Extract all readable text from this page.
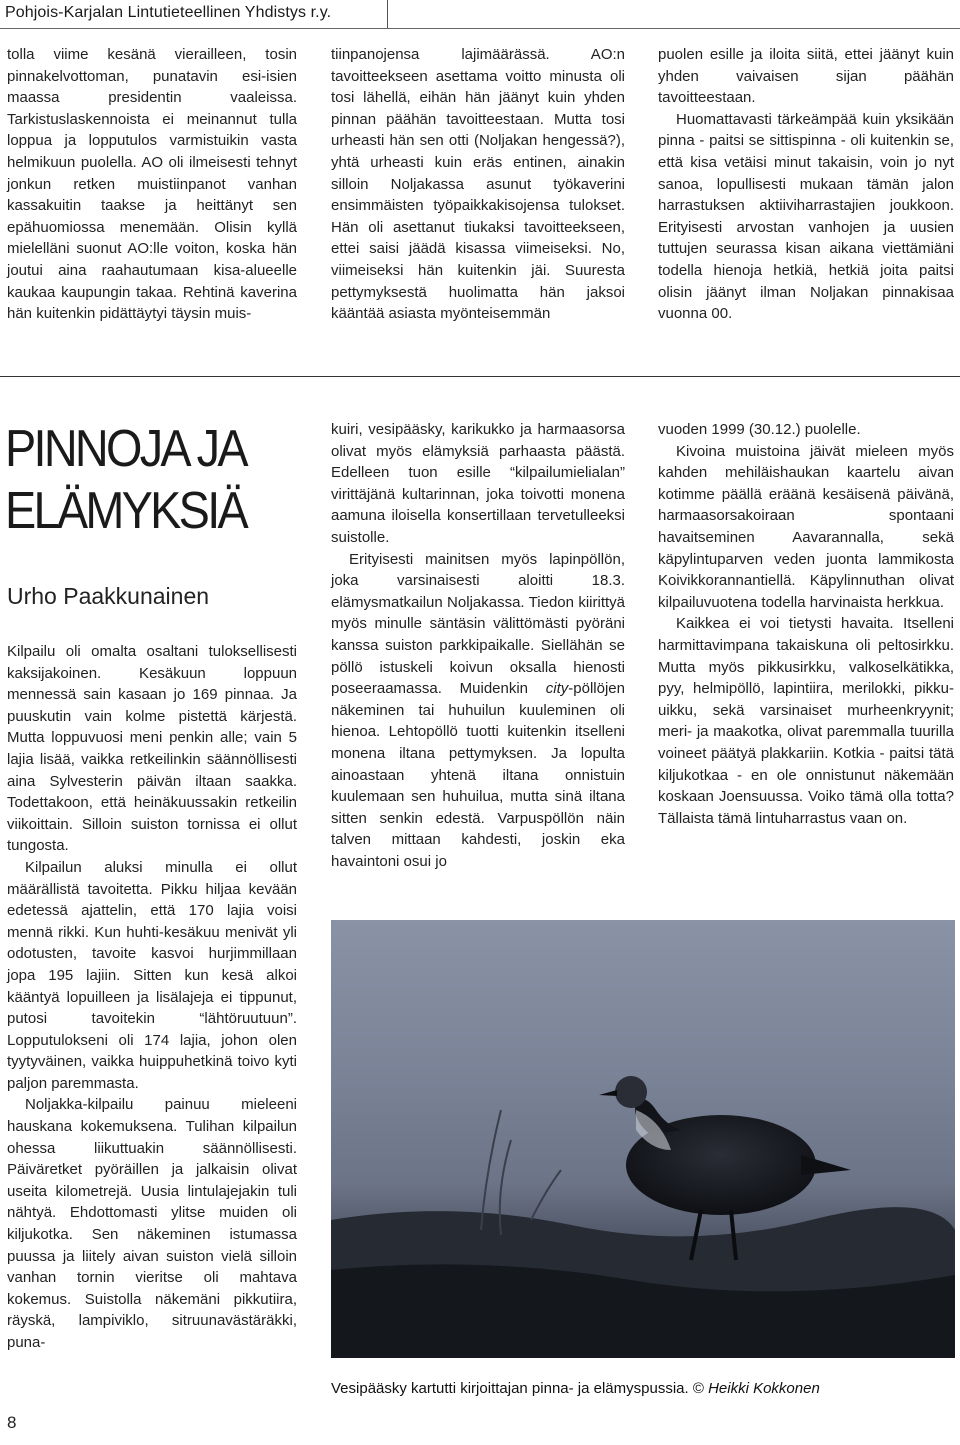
Pohjois-Karjalan Lintutieteellinen Yhdistys r.y.

tolla viime kesänä vierailleen, tosin pinnakelvottoman, punatavin esi-isien maassa presidentin vaaleissa. Tarkistuslaskennoista ei meinannut tulla loppua ja lopputulos varmistuikin vasta helmikuun puolella. AO oli ilmeisesti tehnyt jonkun retken muistiinpanot vanhan kassakuitin taakse ja heittänyt sen epähuomiossa menemään. Olisin kyllä mielelläni suonut AO:lle voiton, koska hän joutui aina raahautumaan kisa-alueelle kaukaa kaupungin takaa. Rehtinä kaverina hän kuitenkin pidättäytyi täysin muis-

tiinpanojensa lajimäärässä. AO:n tavoitteekseen asettama voitto minusta oli tosi lähellä, eihän hän jäänyt kuin yhden pinnan päähän tavoitteestaan. Mutta tosi urheasti hän sen otti (Noljakan hengessä?), yhtä urheasti kuin eräs entinen, ainakin silloin Noljakassa asunut työkaverini ensimmäisten työpaikkakisojensa tulokset. Hän oli asettanut tiukaksi tavoitteekseen, ettei saisi jäädä kisassa viimeiseksi. No, viimeiseksi hän kuitenkin jäi. Suuresta pettymyksestä huolimatta hän jaksoi kääntää asiasta myönteisemmän

puolen esille ja iloita siitä, ettei jäänyt kuin yhden vaivaisen sijan päähän tavoitteestaan.

Huomattavasti tärkeämpää kuin yksikään pinna - paitsi se sittispinna - oli kuitenkin se, että kisa vetäisi minut takaisin, voin jo nyt sanoa, lopullisesti mukaan tämän jalon harrastuksen aktiiviharrastajien joukkoon. Erityisesti arvostan vanhojen ja uusien tuttujen seurassa kisan aikana viettämiäni todella hienoja hetkiä, hetkiä joita paitsi olisin jäänyt ilman Noljakan pinnakisaa vuonna 00.

PINNOJA JA
ELÄMYKSIÄ
Urho Paakkunainen

Kilpailu oli omalta osaltani tuloksellisesti kaksijakoinen. Kesäkuun loppuun mennessä sain kasaan jo 169 pinnaa. Ja puuskutin vain kolme pistettä kärjestä. Mutta loppuvuosi meni penkin alle; vain 5 lajia lisää, vaikka retkeilinkin säännöllisesti aina Sylvesterin päivän iltaan saakka. Todettakoon, että heinäkuussakin retkeilin viikoittain. Silloin suiston tornissa ei ollut tungosta.

Kilpailun aluksi minulla ei ollut määrällistä tavoitetta. Pikku hiljaa kevään edetessä ajattelin, että 170 lajia voisi mennä rikki. Kun huhti-kesäkuu menivät yli odotusten, tavoite kasvoi hurjimmillaan jopa 195 lajiin. Sitten kun kesä alkoi kääntyä lopuilleen ja lisälajeja ei tippunut, putosi tavoitekin “lähtöruutuun”. Lopputulokseni oli 174 lajia, johon olen tyytyväinen, vaikka huippuhetkinä toivo kyti paljon paremmasta.

Noljakka-kilpailu painuu mieleeni hauskana kokemuksena. Tulihan kilpailun ohessa liikuttuakin säännöllisesti. Päiväretket pyöräillen ja jalkaisin olivat useita kilometrejä. Uusia lintulajejakin tuli nähtyä. Ehdottomasti ylitse muiden oli kiljukotka. Sen näkeminen istumassa puussa ja liitely aivan suiston vielä silloin vanhan tornin vieritse oli mahtava kokemus. Suistolla näkemäni pikkutiira, räyskä, lampiviklo, sitruunavästäräkki, puna-

kuiri, vesipääsky, karikukko ja harmaasorsa olivat myös elämyksiä parhaasta päästä. Edelleen tuon esille “kilpailumielialan” virittäjänä kultarinnan, joka toivotti monena aamuna iloisella konsertillaan tervetulleeksi suistolle.

Erityisesti mainitsen myös lapinpöllön, joka varsinaisesti aloitti 18.3. elämysmatkailun Noljakassa. Tiedon kiirittyä myös minulle säntäsin välittömästi pyöräni kanssa suiston parkkipaikalle. Siellähän se pöllö istuskeli koivun oksalla hienosti poseeraamassa. Muidenkin city-pöllöjen näkeminen tai huhuilun kuuleminen oli hienoa. Lehtopöllö tuotti kuitenkin itselleni monena iltana pettymyksen. Ja lopulta ainoastaan yhtenä iltana onnistuin kuulemaan sen huhuilua, mutta sinä iltana sitten senkin edestä. Varpuspöllön näin talven mittaan kahdesti, joskin eka havaintoni osui jo

vuoden 1999 (30.12.) puolelle.

Kivoina muistoina jäivät mieleen myös kahden mehiläishaukan kaartelu aivan kotimme päällä eräänä kesäisenä päivänä, harmaasorsakoiraan spontaani havaitseminen Aavarannalla, sekä käpylintuparven veden juonta lammikosta Koivikkorannantiellä. Käpylinnuthan olivat kilpailuvuotena todella harvinaista herkkua.

Kaikkea ei voi tietysti havaita. Itselleni harmittavimpana takaiskuna oli peltosirkku. Mutta myös pikkusirkku, valkoselkätikka, pyy, helmipöllö, lapintiira, merilokki, pikku-uikku, sekä varsinaiset murheenkryynit; meri- ja maakotka, olivat paremmalla tuurilla voineet päätyä plakkariin. Kotkia - paitsi tätä kiljukotkaa - en ole onnistunut näkemään koskaan Joensuussa. Voiko tämä olla totta? Tällaista tämä lintuharrastus vaan on.

Vesipääsky kartutti kirjoittajan pinna- ja elämyspussia. © Heikki Kokkonen
8
